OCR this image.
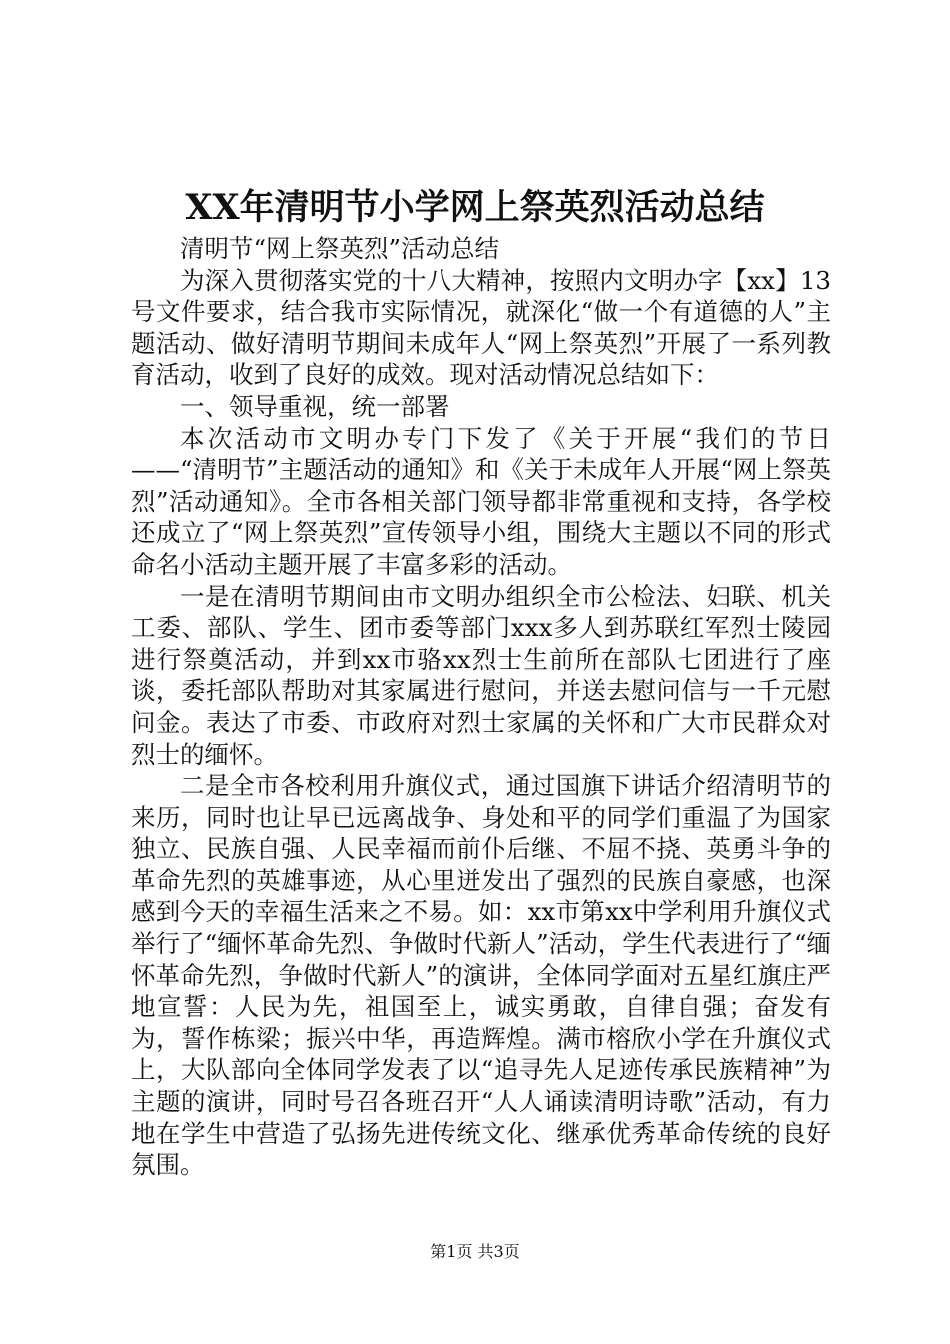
XX年清明节小学网上祭英烈活动总结

清明节“网上祭英烈”活动总结

为深入贯彻落实党的十八大精神，按照内文明办字【xx】13号文件要求，结合我市实际情况，就深化“做一个有道德的人”主题活动、做好清明节期间未成年人“网上祭英烈”开展了一系列教育活动，收到了良好的成效。现对活动情况总结如下：

一、领导重视，统一部署

本次活动市文明办专门下发了《关于开展“我们的节日——“清明节”主题活动的通知》和《关于未成年人开展“网上祭英烈”活动通知》。全市各相关部门领导都非常重视和支持，各学校还成立了“网上祭英烈”宣传领导小组，围绕大主题以不同的形式命名小活动主题开展了丰富多彩的活动。

一是在清明节期间由市文明办组织全市公检法、妇联、机关工委、部队、学生、团市委等部门xxx多人到苏联红军烈士陵园进行祭奠活动，并到xx市骆xx烈士生前所在部队七团进行了座谈，委托部队帮助对其家属进行慰问，并送去慰问信与一千元慰问金。表达了市委、市政府对烈士家属的关怀和广大市民群众对烈士的缅怀。

二是全市各校利用升旗仪式，通过国旗下讲话介绍清明节的来历，同时也让早已远离战争、身处和平的同学们重温了为国家独立、民族自强、人民幸福而前仆后继、不屈不挠、英勇斗争的革命先烈的英雄事迹，从心里迸发出了强烈的民族自豪感，也深感到今天的幸福生活来之不易。如：xx市第xx中学利用升旗仪式举行了“缅怀革命先烈、争做时代新人”活动，学生代表进行了“缅怀革命先烈，争做时代新人”的演讲，全体同学面对五星红旗庄严地宣誓：人民为先，祖国至上，诚实勇敢，自律自强；奋发有为，誓作栋梁；振兴中华，再造辉煌。满市榕欣小学在升旗仪式上，大队部向全体同学发表了以“追寻先人足迹传承民族精神”为主题的演讲，同时号召各班召开“人人诵读清明诗歌”活动，有力地在学生中营造了弘扬先进传统文化、继承优秀革命传统的良好氛围。

第1页 共3页
